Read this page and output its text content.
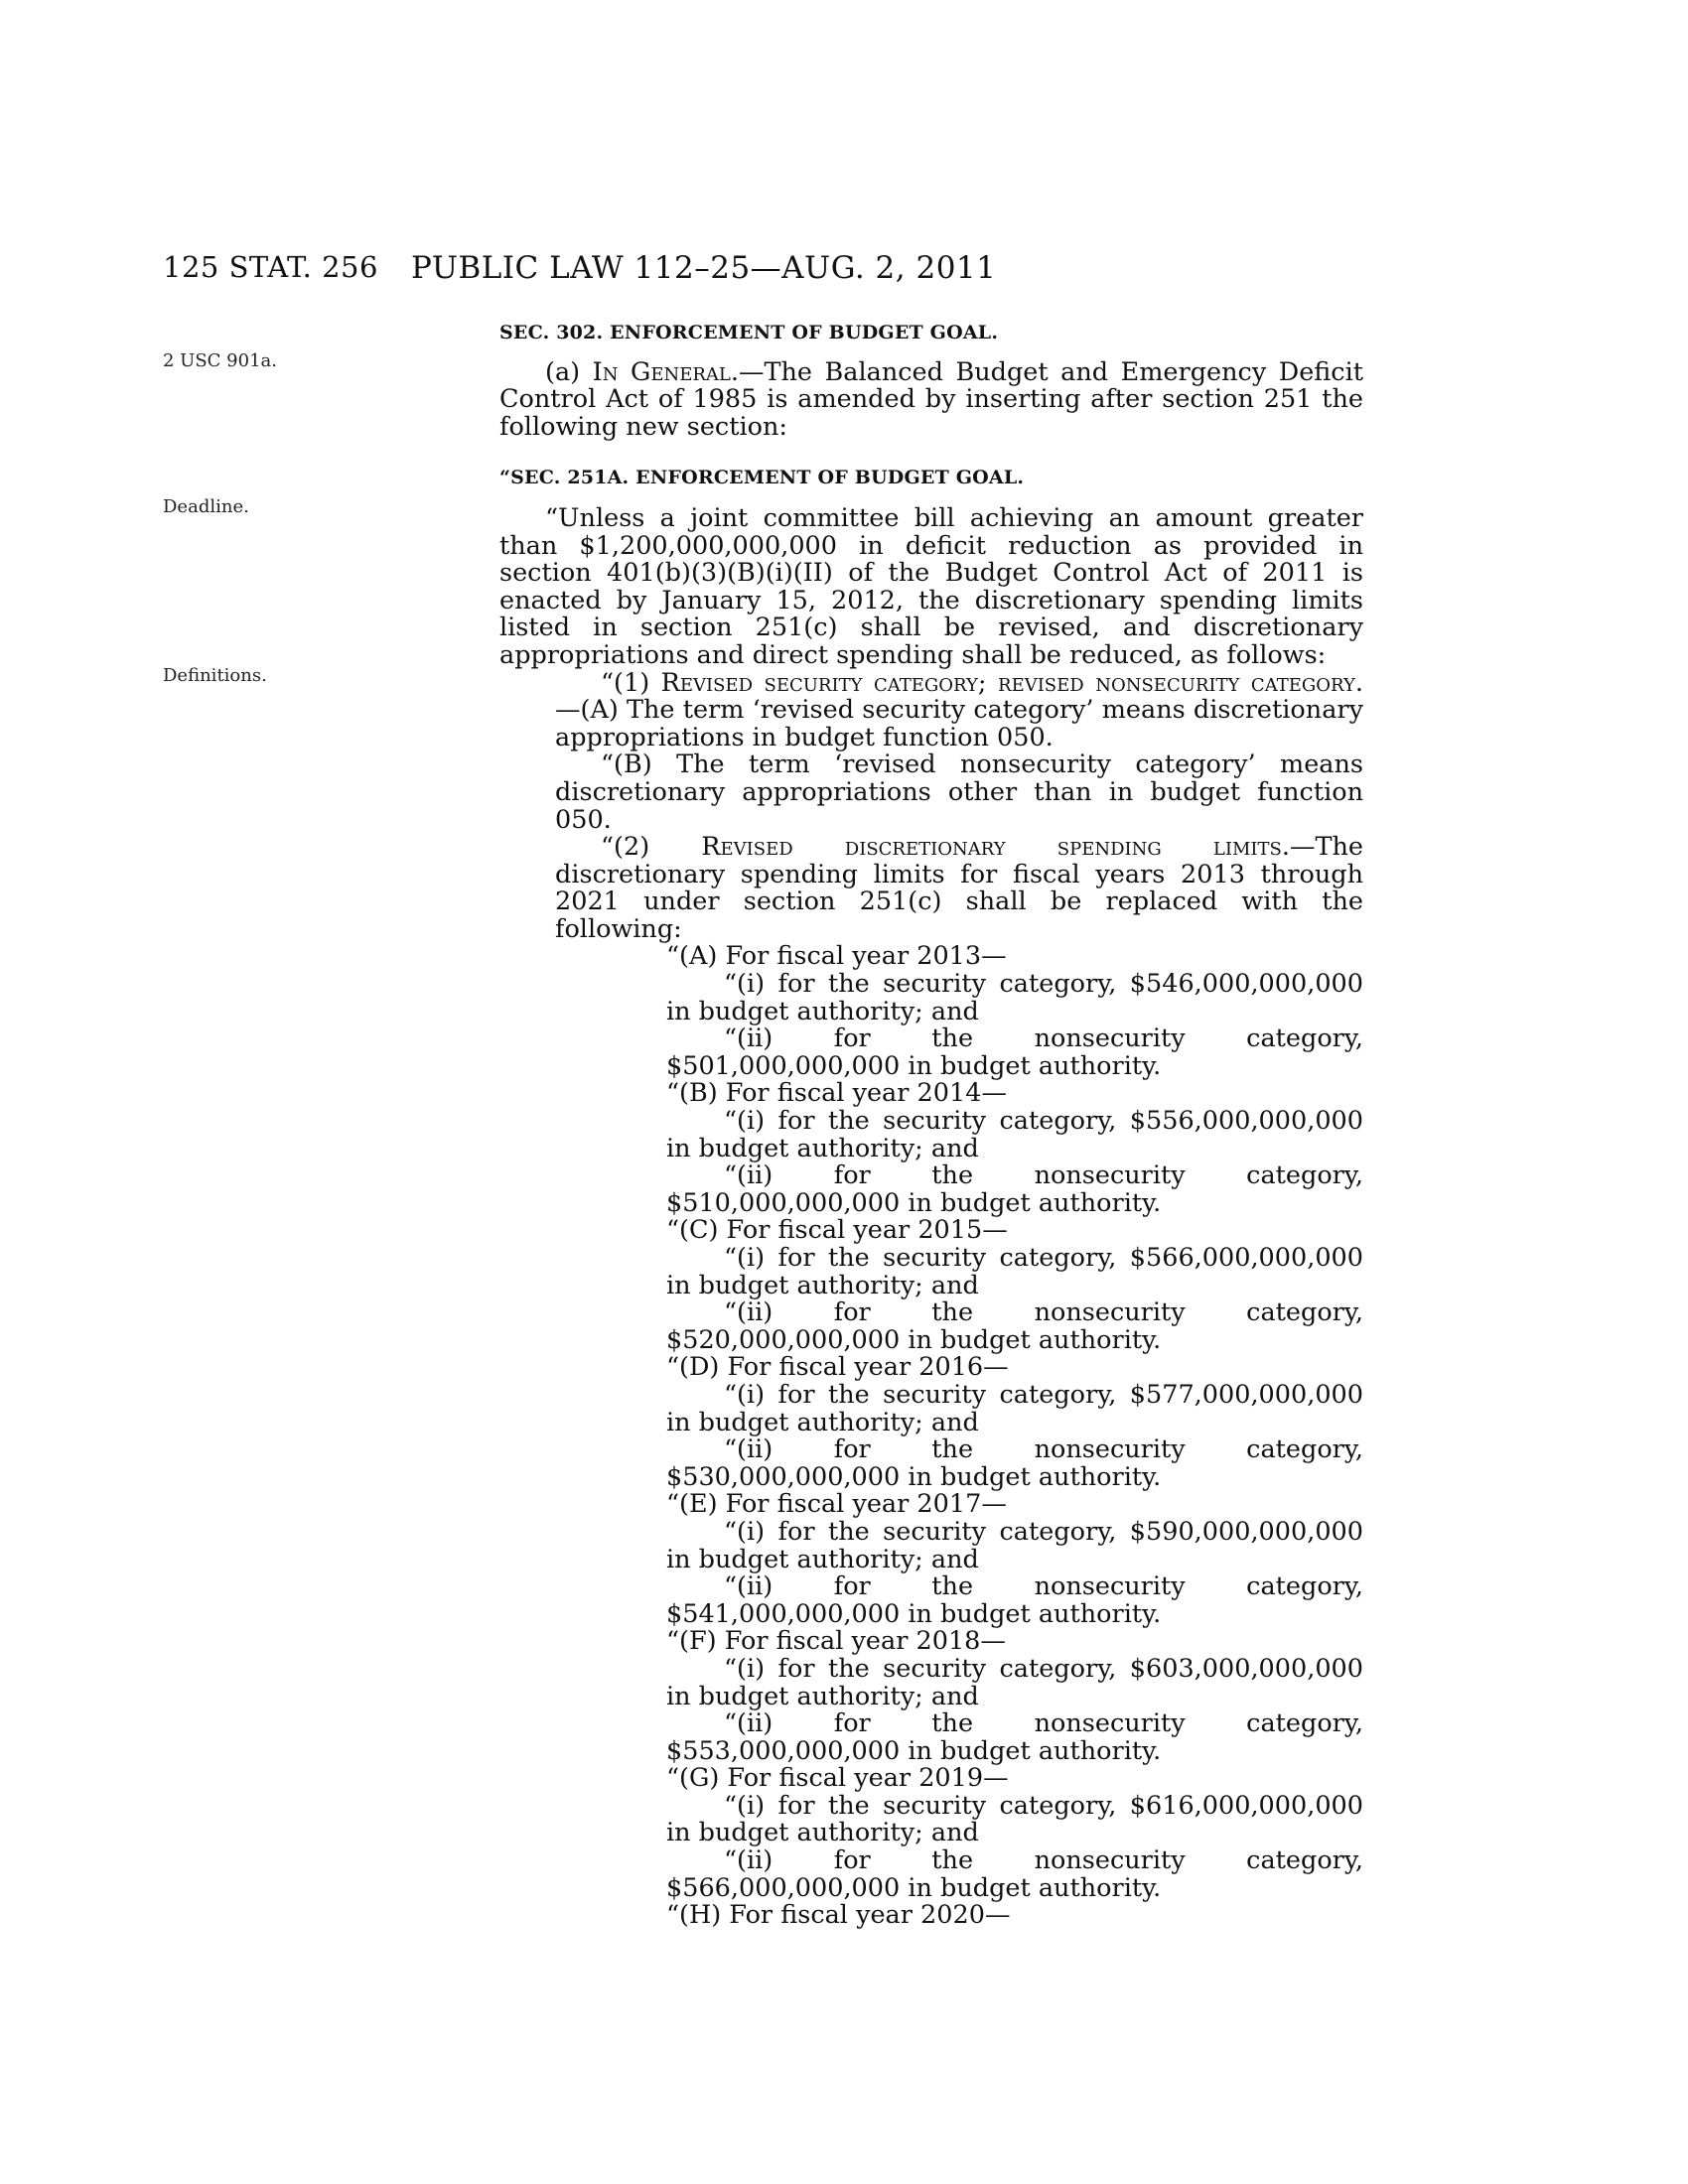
125 STAT. 256 PUBLIC LAW 112–25—AUG. 2, 2011
2 USC 901a.
Deadline.
Definitions.

SEC. 302. ENFORCEMENT OF BUDGET GOAL.

(a) In General.—The Balanced Budget and Emergency Deficit Control Act of 1985 is amended by inserting after section 251 the following new section:

“SEC. 251A. ENFORCEMENT OF BUDGET GOAL.

“Unless a joint committee bill achieving an amount greater than $1,200,000,000,000 in deficit reduction as provided in section 401(b)(3)(B)(i)(II) of the Budget Control Act of 2011 is enacted by January 15, 2012, the discretionary spending limits listed in section 251(c) shall be revised, and discretionary appropriations and direct spending shall be reduced, as follows:

“(1) Revised security category; revised nonsecurity category.—(A) The term ‘revised security category’ means discretionary appropriations in budget function 050.

“(B) The term ‘revised nonsecurity category’ means discretionary appropriations other than in budget function 050.

“(2) Revised discretionary spending limits.—The discretionary spending limits for fiscal years 2013 through 2021 under section 251(c) shall be replaced with the following:

“(A) For fiscal year 2013—

“(i) for the security category, $546,000,000,000 in budget authority; and

“(ii) for the nonsecurity category, $501,000,000,000 in budget authority.

“(B) For fiscal year 2014—

“(i) for the security category, $556,000,000,000 in budget authority; and

“(ii) for the nonsecurity category, $510,000,000,000 in budget authority.

“(C) For fiscal year 2015—

“(i) for the security category, $566,000,000,000 in budget authority; and

“(ii) for the nonsecurity category, $520,000,000,000 in budget authority.

“(D) For fiscal year 2016—

“(i) for the security category, $577,000,000,000 in budget authority; and

“(ii) for the nonsecurity category, $530,000,000,000 in budget authority.

“(E) For fiscal year 2017—

“(i) for the security category, $590,000,000,000 in budget authority; and

“(ii) for the nonsecurity category, $541,000,000,000 in budget authority.

“(F) For fiscal year 2018—

“(i) for the security category, $603,000,000,000 in budget authority; and

“(ii) for the nonsecurity category, $553,000,000,000 in budget authority.

“(G) For fiscal year 2019—

“(i) for the security category, $616,000,000,000 in budget authority; and

“(ii) for the nonsecurity category, $566,000,000,000 in budget authority.

“(H) For fiscal year 2020—
